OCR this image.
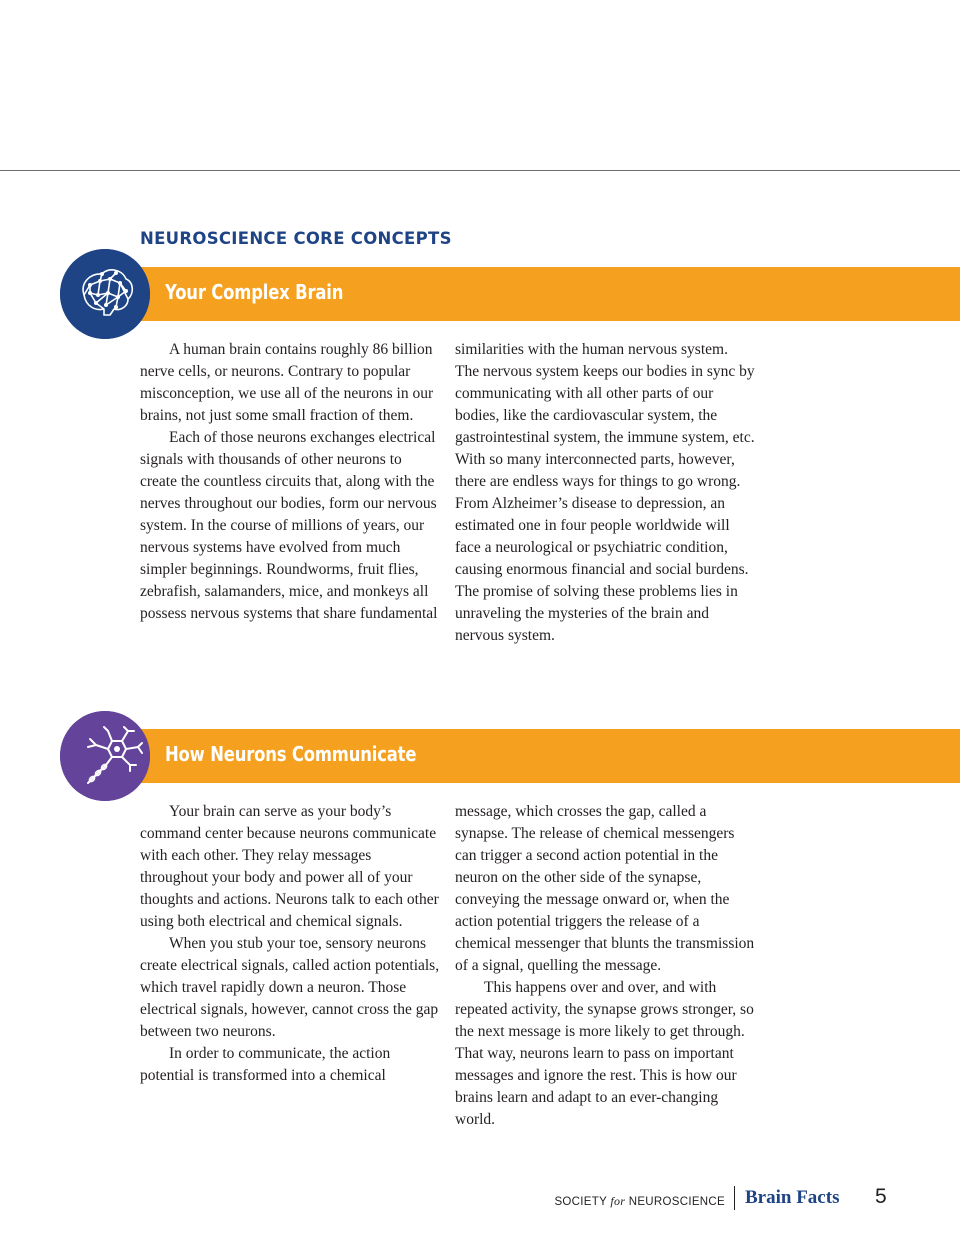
NEUROSCIENCE CORE CONCEPTS
Your Complex Brain

A human brain contains roughly 86 billion nerve cells, or neurons. Contrary to popular misconception, we use all of the neurons in our brains, not just some small fraction of them.

Each of those neurons exchanges electrical signals with thousands of other neurons to create the countless circuits that, along with the nerves throughout our bodies, form our nervous system. In the course of millions of years, our nervous systems have evolved from much simpler beginnings. Roundworms, fruit flies, zebrafish, salamanders, mice, and monkeys all possess nervous systems that share fundamental

similarities with the human nervous system. The nervous system keeps our bodies in sync by communicating with all other parts of our bodies, like the cardiovascular system, the gastrointestinal system, the immune system, etc. With so many interconnected parts, however, there are endless ways for things to go wrong. From Alzheimer’s disease to depression, an estimated one in four people worldwide will face a neurological or psychiatric condition, causing enormous financial and social burdens. The promise of solving these problems lies in unraveling the mysteries of the brain and nervous system.

How Neurons Communicate

Your brain can serve as your body’s command center because neurons communicate with each other. They relay messages throughout your body and power all of your thoughts and actions. Neurons talk to each other using both electrical and chemical signals.

When you stub your toe, sensory neurons create electrical signals, called action potentials, which travel rapidly down a neuron. Those electrical signals, however, cannot cross the gap between two neurons.

In order to communicate, the action potential is transformed into a chemical

message, which crosses the gap, called a synapse. The release of chemical messengers can trigger a second action potential in the neuron on the other side of the synapse, conveying the message onward or, when the action potential triggers the release of a chemical messenger that blunts the transmission of a signal, quelling the message.

This happens over and over, and with repeated activity, the synapse grows stronger, so the next message is more likely to get through. That way, neurons learn to pass on important messages and ignore the rest. This is how our brains learn and adapt to an ever-changing world.

SOCIETY for NEUROSCIENCE Brain Facts 5
